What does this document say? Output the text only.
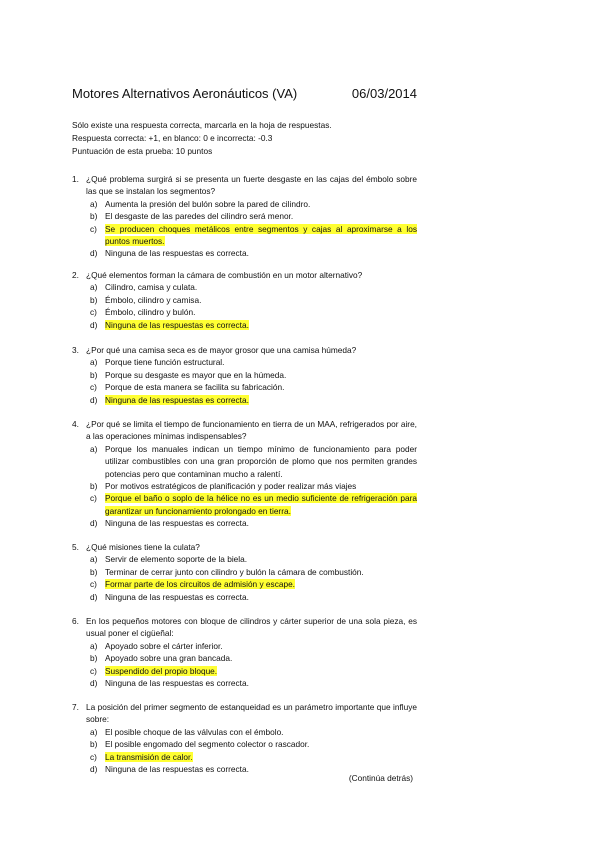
Motores Alternativos Aeronáuticos (VA)	06/03/2014
Sólo existe una respuesta correcta, marcarla en la hoja de respuestas.
Respuesta correcta: +1, en blanco: 0 e incorrecta: -0.3
Puntuación de esta prueba: 10 puntos
1. ¿Qué problema surgirá si se presenta un fuerte desgaste en las cajas del émbolo sobre las que se instalan los segmentos?
a) Aumenta la presión del bulón sobre la pared de cilindro.
b) El desgaste de las paredes del cilindro será menor.
c) Se producen choques metálicos entre segmentos y cajas al aproximarse a los puntos muertos.
d) Ninguna de las respuestas es correcta.
2. ¿Qué elementos forman la cámara de combustión en un motor alternativo?
a) Cilindro, camisa y culata.
b) Émbolo, cilindro y camisa.
c) Émbolo, cilindro y bulón.
d) Ninguna de las respuestas es correcta.
3. ¿Por qué una camisa seca es de mayor grosor que una camisa húmeda?
a) Porque tiene función estructural.
b) Porque su desgaste es mayor que en la húmeda.
c) Porque de esta manera se facilita su fabricación.
d) Ninguna de las respuestas es correcta.
4. ¿Por qué se limita el tiempo de funcionamiento en tierra de un MAA, refrigerados por aire, a las operaciones mínimas indispensables?
a) Porque los manuales indican un tiempo mínimo de funcionamiento para poder utilizar combustibles con una gran proporción de plomo que nos permiten grandes potencias pero que contaminan mucho a ralentí.
b) Por motivos estratégicos de planificación y poder realizar más viajes
c) Porque el baño o soplo de la hélice no es un medio suficiente de refrigeración para garantizar un funcionamiento prolongado en tierra.
d) Ninguna de las respuestas es correcta.
5. ¿Qué misiones tiene la culata?
a) Servir de elemento soporte de la biela.
b) Terminar de cerrar junto con cilindro y bulón la cámara de combustión.
c) Formar parte de los circuitos de admisión y escape.
d) Ninguna de las respuestas es correcta.
6. En los pequeños motores con bloque de cilindros y cárter superior de una sola pieza, es usual poner el cigüeñal:
a) Apoyado sobre el cárter inferior.
b) Apoyado sobre una gran bancada.
c) Suspendido del propio bloque.
d) Ninguna de las respuestas es correcta.
7. La posición del primer segmento de estanqueidad es un parámetro importante que influye sobre:
a) El posible choque de las válvulas con el émbolo.
b) El posible engomado del segmento colector o rascador.
c) La transmisión de calor.
d) Ninguna de las respuestas es correcta.
(Continúa detrás)
